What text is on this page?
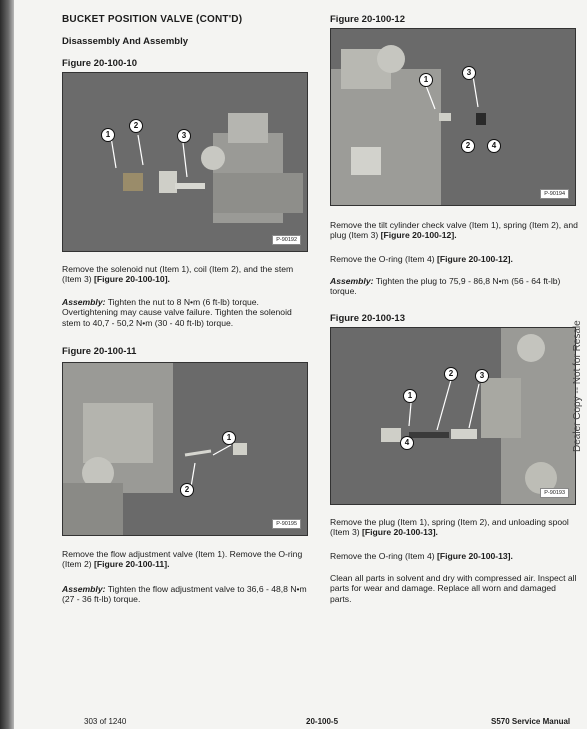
BUCKET POSITION VALVE (CONT'D)
Disassembly And Assembly
Figure 20-100-10
1
2
3
P-90192
Remove the solenoid nut (Item 1), coil (Item 2), and the stem (Item 3) [Figure 20-100-10].
Assembly: Tighten the nut to 8 N•m (6 ft-lb) torque. Overtightening may cause valve failure. Tighten the solenoid stem to 40,7 - 50,2 N•m (30 - 40 ft-lb) torque.
Figure 20-100-11
1
2
P-90195
Remove the flow adjustment valve (Item 1). Remove the O-ring (Item 2) [Figure 20-100-11].
Assembly: Tighten the flow adjustment valve to 36,6 - 48,8 N•m (27 - 36 ft-lb) torque.
Figure 20-100-12
1
3
2	4
P-90194
Remove the tilt cylinder check valve (Item 1), spring (Item 2), and plug (Item 3) [Figure 20-100-12].
Remove the O-ring (Item 4) [Figure 20-100-12].
Assembly: Tighten the plug to 75,9 - 86,8 N•m (56 - 64 ft-lb) torque.
Figure 20-100-13
1
2	3
4
P-90193
Remove the plug (Item 1), spring (Item 2), and unloading spool (Item 3) [Figure 20-100-13].
Remove the O-ring (Item 4) [Figure 20-100-13].
Clean all parts in solvent and dry with compressed air. Inspect all parts for wear and damage. Replace all worn and damaged parts.
Dealer Copy -- Not for Resale
303 of 1240	20-100-5	S570 Service Manual
